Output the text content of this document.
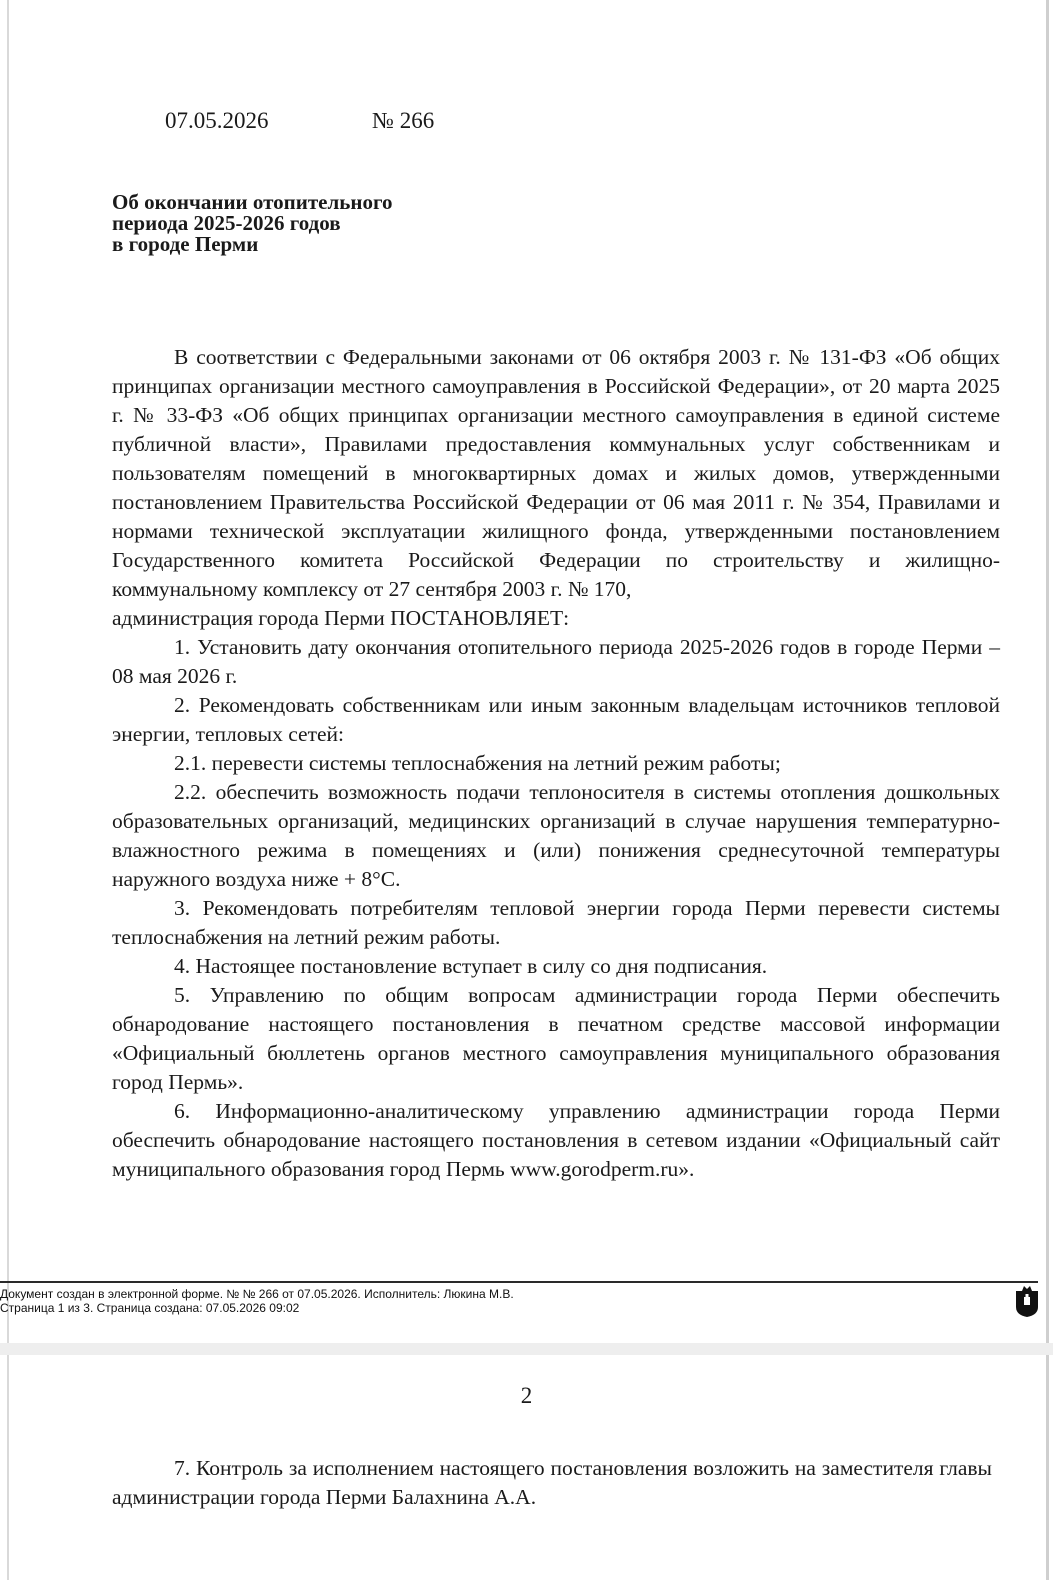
07.05.2026	№ 266
Об окончании отопительного
периода 2025-2026 годов
в городе Перми

В соответствии с Федеральными законами от 06 октября 2003 г. № 131-ФЗ «Об общих принципах организации местного самоуправления в Российской Федерации», от 20 марта 2025 г. № 33-ФЗ «Об общих принципах организации местного самоуправления в единой системе публичной власти», Правилами предоставления коммунальных услуг собственникам и пользователям помещений в многоквартирных домах и жилых домов, утвержденными постановлением Правительства Российской Федерации от 06 мая 2011 г. № 354, Правилами и нормами технической эксплуатации жилищного фонда, утвержденными постановлением Государственного комитета Российской Федерации по строительству и жилищно-коммунальному комплексу от 27 сентября 2003 г. № 170,

администрация города Перми ПОСТАНОВЛЯЕТ:

1. Установить дату окончания отопительного периода 2025-2026 годов в городе Перми – 08 мая 2026 г.

2. Рекомендовать собственникам или иным законным владельцам источников тепловой энергии, тепловых сетей:

2.1. перевести системы теплоснабжения на летний режим работы;

2.2. обеспечить возможность подачи теплоносителя в системы отопления дошкольных образовательных организаций, медицинских организаций в случае нарушения температурно-влажностного режима в помещениях и (или) понижения среднесуточной температуры наружного воздуха ниже + 8°С.

3. Рекомендовать потребителям тепловой энергии города Перми перевести системы теплоснабжения на летний режим работы.

4. Настоящее постановление вступает в силу со дня подписания.

5. Управлению по общим вопросам администрации города Перми обеспечить обнародование настоящего постановления в печатном средстве массовой информации «Официальный бюллетень органов местного самоуправления муниципального образования город Пермь».

6. Информационно-аналитическому управлению администрации города Перми обеспечить обнародование настоящего постановления в сетевом издании «Официальный сайт муниципального образования город Пермь www.gorodperm.ru».

Документ создан в электронной форме. № № 266 от 07.05.2026. Исполнитель: Люкина М.В.
Страница 1 из 3. Страница создана: 07.05.2026 09:02
2

7. Контроль за исполнением настоящего постановления возложить на заместителя главы администрации города Перми Балахнина А.А.
